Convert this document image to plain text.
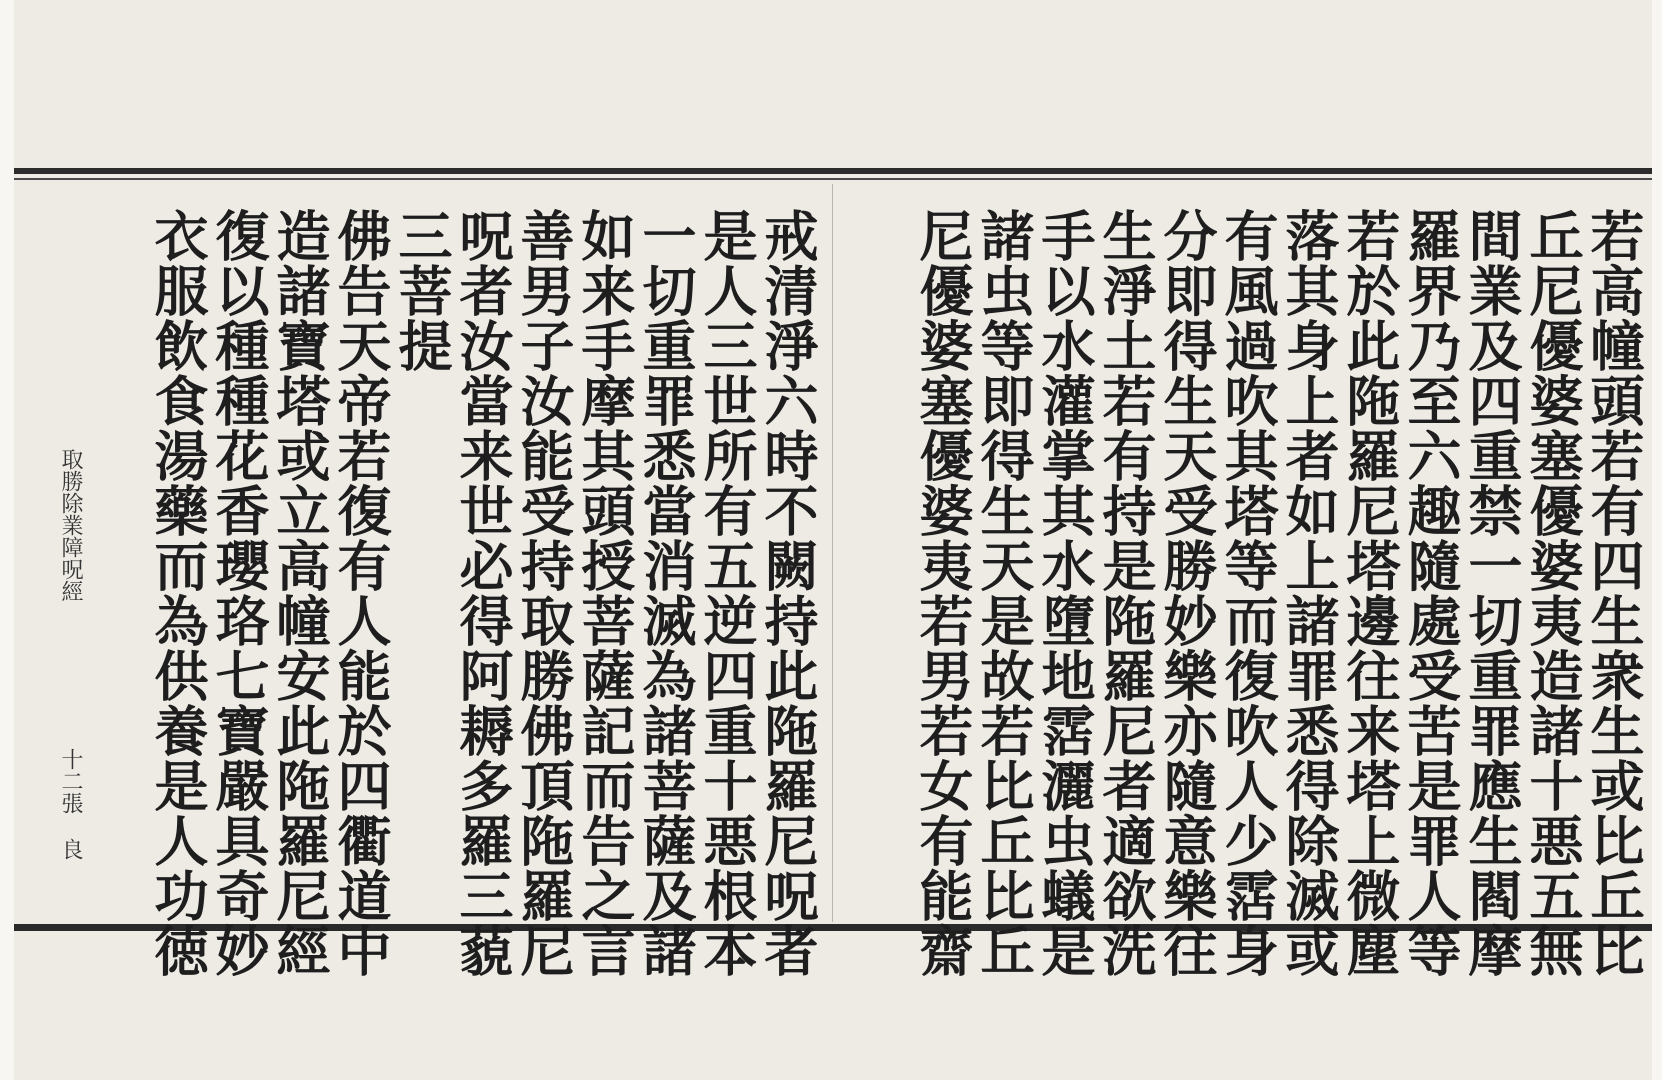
若高幢頭若有四生衆生或比丘比
丘尼優婆塞優婆夷造諸十悪五無
間業及四重禁一切重罪應生閻摩
羅界乃至六趣隨處受苦是罪人等
若於此陁羅尼塔邊往来塔上微塵
落其身上者如上諸罪悉得除滅或
有風過吹其塔等而復吹人少霑身
分即得生天受勝妙樂亦隨意樂往
生淨土若有持是陁羅尼者適欲洗
手以水灌掌其水墮地霑灑虫蟻是
諸虫等即得生天是故若比丘比丘
尼優婆塞優婆夷若男若女有能齋
戒清淨六時不闕持此陁羅尼呪者
是人三世所有五逆四重十悪根本
一切重罪悉當消滅為諸菩薩及諸
如来手摩其頭授菩薩記而告之言
善男子汝能受持取勝佛頂陁羅尼
呪者汝當来世必得阿耨多羅三藐
三菩提
佛告天帝若復有人能於四衢道中
造諸寶塔或立高幢安此陁羅尼經
復以種種花香瓔珞七寶嚴具奇妙
衣服飲食湯藥而為供養是人功徳
取勝除業障呪經
十二張
良
